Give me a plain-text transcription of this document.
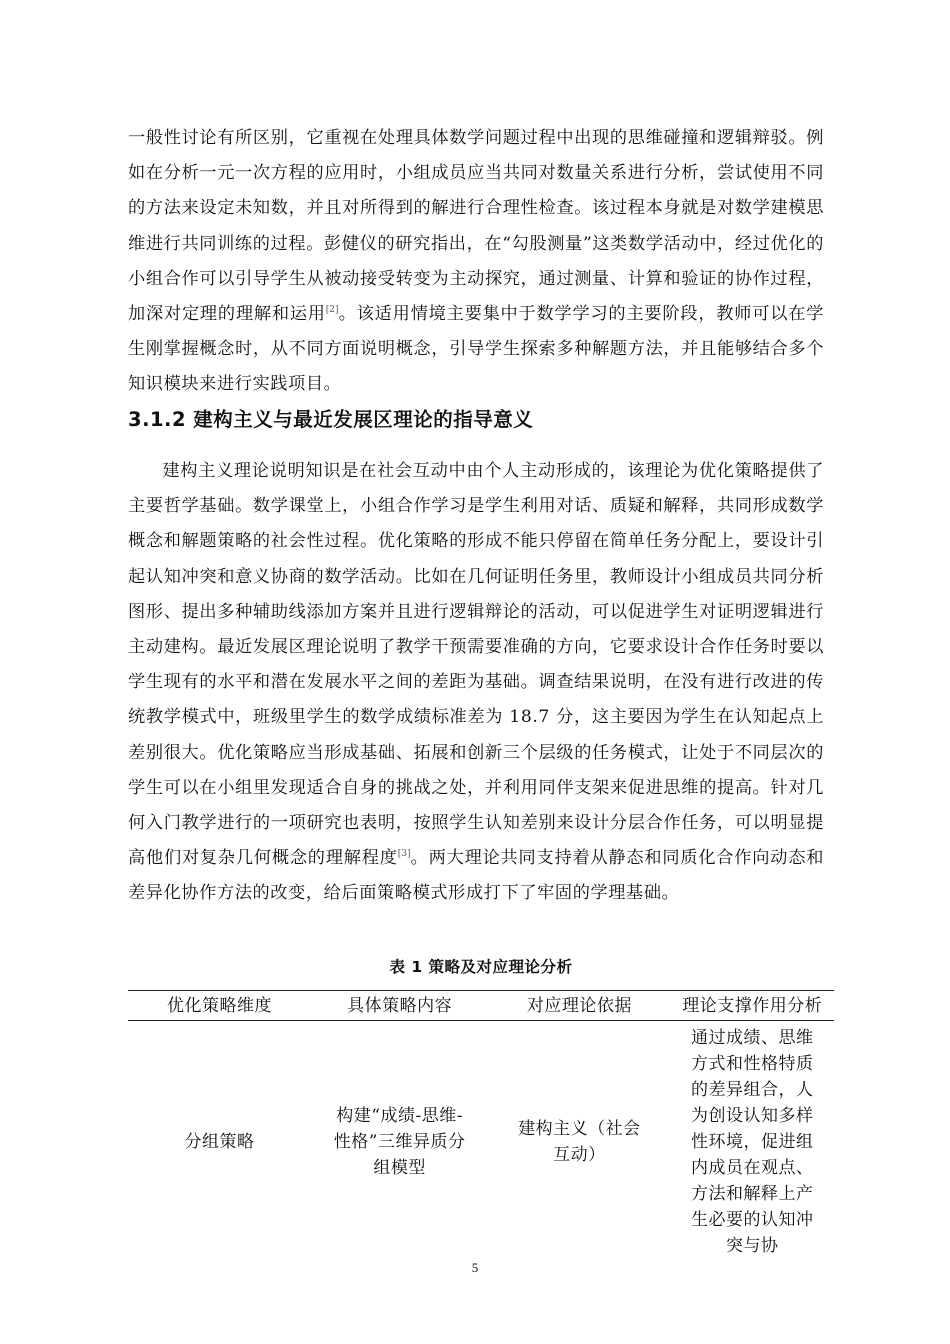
一般性讨论有所区别，它重视在处理具体数学问题过程中出现的思维碰撞和逻辑辩驳。例如在分析一元一次方程的应用时，小组成员应当共同对数量关系进行分析，尝试使用不同的方法来设定未知数，并且对所得到的解进行合理性检查。该过程本身就是对数学建模思维进行共同训练的过程。彭健仪的研究指出，在“勾股测量”这类数学活动中，经过优化的小组合作可以引导学生从被动接受转变为主动探究，通过测量、计算和验证的协作过程，加深对定理的理解和运用[2]。该适用情境主要集中于数学学习的主要阶段，教师可以在学生刚掌握概念时，从不同方面说明概念，引导学生探索多种解题方法，并且能够结合多个知识模块来进行实践项目。

3.1.2 建构主义与最近发展区理论的指导意义

建构主义理论说明知识是在社会互动中由个人主动形成的，该理论为优化策略提供了主要哲学基础。数学课堂上，小组合作学习是学生利用对话、质疑和解释，共同形成数学概念和解题策略的社会性过程。优化策略的形成不能只停留在简单任务分配上，要设计引起认知冲突和意义协商的数学活动。比如在几何证明任务里，教师设计小组成员共同分析图形、提出多种辅助线添加方案并且进行逻辑辩论的活动，可以促进学生对证明逻辑进行主动建构。最近发展区理论说明了教学干预需要准确的方向，它要求设计合作任务时要以学生现有的水平和潜在发展水平之间的差距为基础。调查结果说明，在没有进行改进的传统教学模式中，班级里学生的数学成绩标准差为 18.7 分，这主要因为学生在认知起点上差别很大。优化策略应当形成基础、拓展和创新三个层级的任务模式，让处于不同层次的学生可以在小组里发现适合自身的挑战之处，并利用同伴支架来促进思维的提高。针对几何入门教学进行的一项研究也表明，按照学生认知差别来设计分层合作任务，可以明显提高他们对复杂几何概念的理解程度[3]。两大理论共同支持着从静态和同质化合作向动态和差异化协作方法的改变，给后面策略模式形成打下了牢固的学理基础。

表 1 策略及对应理论分析

优化策略维度	具体策略内容	对应理论依据	理论支撑作用分析
分组策略	构建“成绩-思维-性格”三维异质分组模型	建构主义（社会互动）	通过成绩、思维方式和性格特质的差异组合，人为创设认知多样性环境，促进组内成员在观点、方法和解释上产生必要的认知冲突与协
5
